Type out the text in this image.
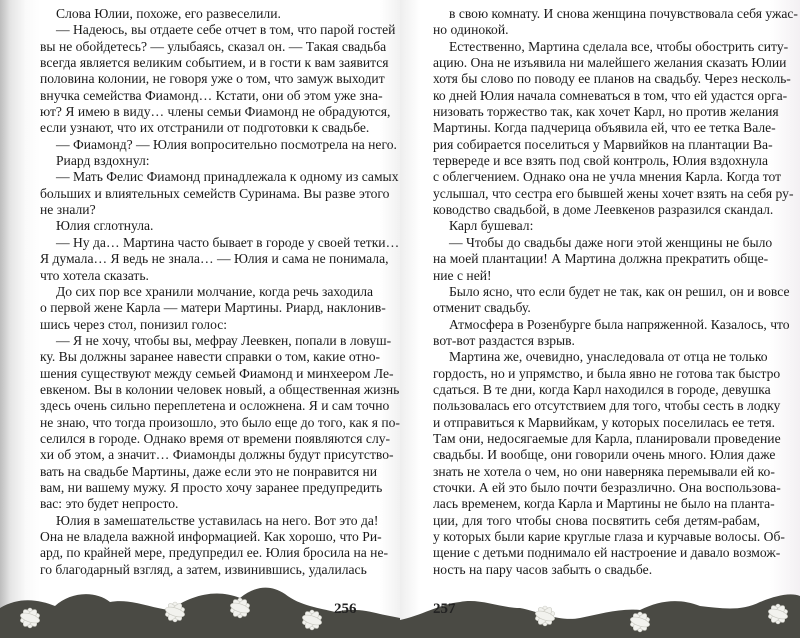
Слова Юлии, похоже, его развеселили.
— Надеюсь, вы отдаете себе отчет в том, что парой гостей
вы не обойдетесь? — улыбаясь, сказал он. — Такая свадьба
всегда является великим событием, и в гости к вам заявится
половина колонии, не говоря уже о том, что замуж выходит
внучка семейства Фиамонд… Кстати, они об этом уже зна-
ют? Я имею в виду… члены семьи Фиамонд не обрадуются,
если узнают, что их отстранили от подготовки к свадьбе.
— Фиамонд? — Юлия вопросительно посмотрела на него.
Риард вздохнул:
— Мать Фелис Фиамонд принадлежала к одному из самых
больших и влиятельных семейств Суринама. Вы разве этого
не знали?
Юлия сглотнула.
— Ну да… Мартина часто бывает в городе у своей тетки…
Я думала… Я ведь не знала… — Юлия и сама не понимала,
что хотела сказать.
До сих пор все хранили молчание, когда речь заходила
о первой жене Карла — матери Мартины. Риард, наклонив-
шись через стол, понизил голос:
— Я не хочу, чтобы вы, мефрау Леевкен, попали в ловуш-
ку. Вы должны заранее навести справки о том, какие отно-
шения существуют между семьей Фиамонд и минхеером Ле-
евкеном. Вы в колонии человек новый, а общественная жизнь
здесь очень сильно переплетена и осложнена. Я и сам точно
не знаю, что тогда произошло, это было еще до того, как я по-
селился в городе. Однако время от времени появляются слу-
хи об этом, а значит… Фиамонды должны будут присутство-
вать на свадьбе Мартины, даже если это не понравится ни
вам, ни вашему мужу. Я просто хочу заранее предупредить
вас: это будет непросто.
Юлия в замешательстве уставилась на него. Вот это да!
Она не владела важной информацией. Как хорошо, что Ри-
ард, по крайней мере, предупредил ее. Юлия бросила на не-
го благодарный взгляд, а затем, извинившись, удалилась
256
в свою комнату. И снова женщина почувствовала себя ужас-
но одинокой.
Естественно, Мартина сделала все, чтобы обострить ситу-
ацию. Она не изъявила ни малейшего желания сказать Юлии
хотя бы слово по поводу ее планов на свадьбу. Через несколь-
ко дней Юлия начала сомневаться в том, что ей удастся орга-
низовать торжество так, как хочет Карл, но против желания
Мартины. Когда падчерица объявила ей, что ее тетка Вале-
рия собирается поселиться у Марвийков на плантации Ва-
тервереде и все взять под свой контроль, Юлия вздохнула
с облегчением. Однако она не учла мнения Карла. Когда тот
услышал, что сестра его бывшей жены хочет взять на себя ру-
ководство свадьбой, в доме Леевкенов разразился скандал.
Карл бушевал:
— Чтобы до свадьбы даже ноги этой женщины не было
на моей плантации! А Мартина должна прекратить обще-
ние с ней!
Было ясно, что если будет не так, как он решил, он и вовсе
отменит свадьбу.
Атмосфера в Розенбурге была напряженной. Казалось, что
вот-вот раздастся взрыв.
Мартина же, очевидно, унаследовала от отца не только
гордость, но и упрямство, и была явно не готова так быстро
сдаться. В те дни, когда Карл находился в городе, девушка
пользовалась его отсутствием для того, чтобы сесть в лодку
и отправиться к Марвийкам, у которых поселилась ее тетя.
Там они, недосягаемые для Карла, планировали проведение
свадьбы. И вообще, они говорили очень много. Юлия даже
знать не хотела о чем, но они наверняка перемывали ей ко-
сточки. А ей это было почти безразлично. Она воспользова-
лась временем, когда Карла и Мартины не было на планта-
ции, для того чтобы снова посвятить себя детям-рабам,
у которых были карие круглые глаза и курчавые волосы. Об-
щение с детьми поднимало ей настроение и давало возмож-
ность на пару часов забыть о свадьбе.
257
